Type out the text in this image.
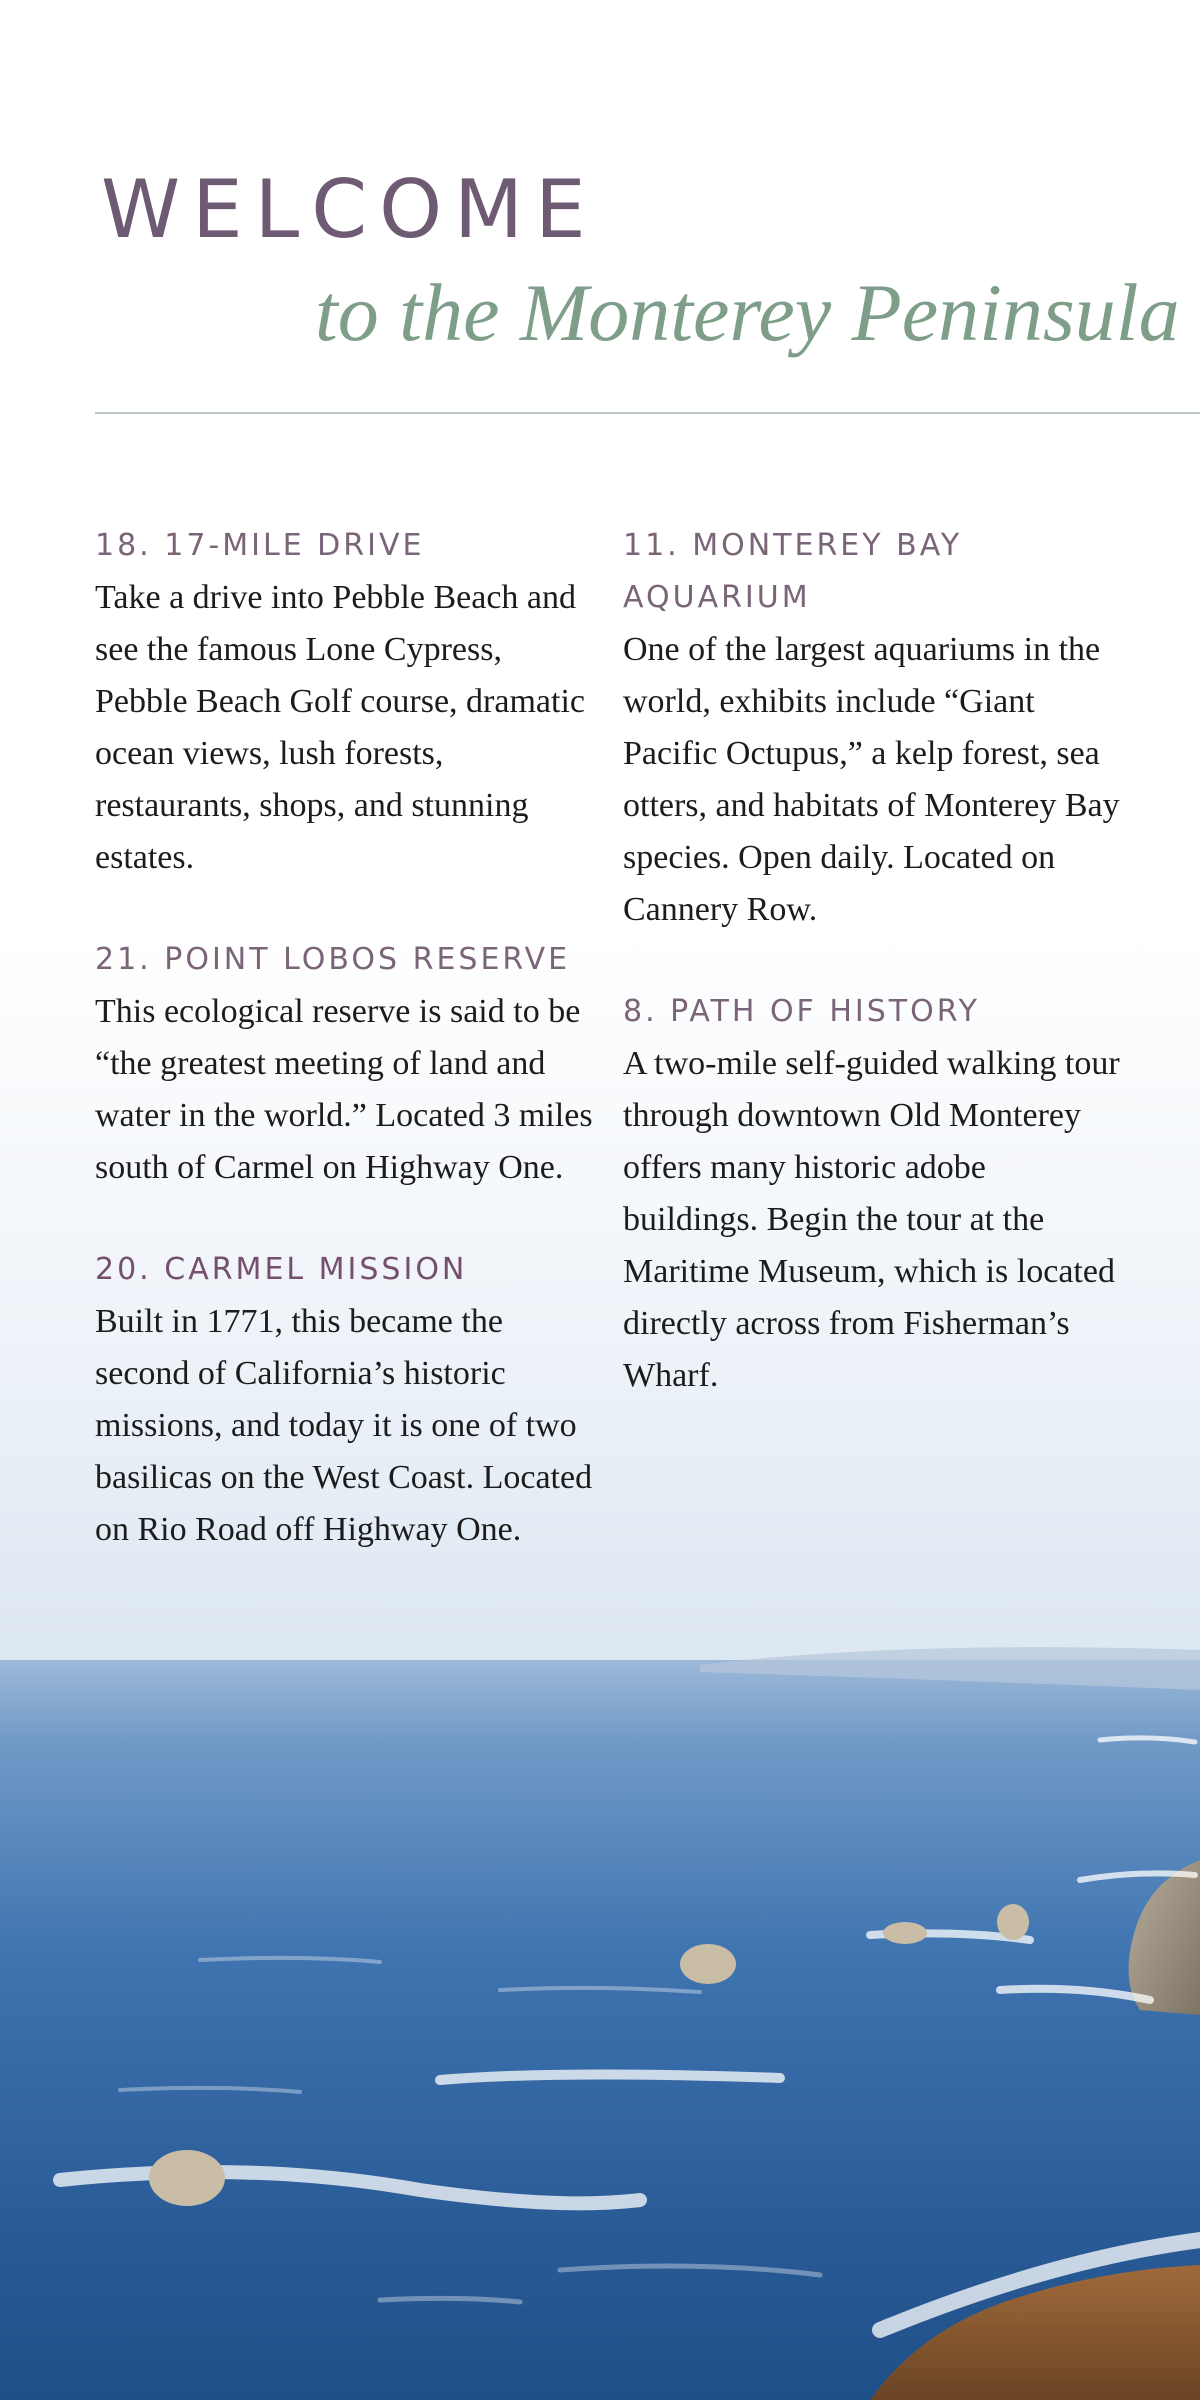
WELCOME
to the Monterey Peninsula
18. 17-MILE DRIVE

Take a drive into Pebble Beach and see the famous Lone Cypress, Pebble Beach Golf course, dramatic ocean views, lush forests, restaurants, shops, and stunning estates.

21. POINT LOBOS RESERVE

This ecological reserve is said to be “the greatest meeting of land and water in the world.” Located 3 miles south of Carmel on Highway One.

20. CARMEL MISSION

Built in 1771, this became the second of California’s historic missions, and today it is one of two basilicas on the West Coast. Located on Rio Road off Highway One.

11. MONTEREY BAY AQUARIUM

One of the largest aquariums in the world, exhibits include “Giant Pacific Octupus,” a kelp forest, sea otters, and habitats of Monterey Bay species. Open daily. Located on Cannery Row.

8. PATH OF HISTORY

A two-mile self-guided walking tour through downtown Old Monterey offers many historic adobe buildings. Begin the tour at the Maritime Museum, which is located directly across from Fisherman’s Wharf.
